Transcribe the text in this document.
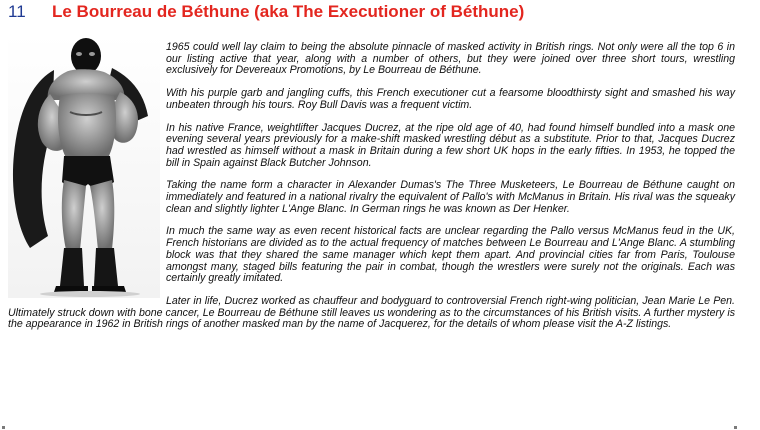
11 Le Bourreau de Béthune (aka The Executioner of Béthune)

1965 could well lay claim to being the absolute pinnacle of masked activity in British rings. Not only were all the top 6 in our listing active that year, along with a number of others, but they were joined over three short tours, wrestling exclusively for Devereaux Promotions, by Le Bourreau de Béthune.

With his purple garb and jangling cuffs, this French executioner cut a fearsome bloodthirsty sight and smashed his way unbeaten through his tours. Roy Bull Davis was a frequent victim.

In his native France, weightlifter Jacques Ducrez, at the ripe old age of 40, had found himself bundled into a mask one evening several years previously for a make-shift masked wrestling début as a substitute. Prior to that, Jacques Ducrez had wrestled as himself without a mask in Britain during a few short UK hops in the early fifties. In 1953, he topped the bill in Spain against Black Butcher Johnson.

Taking the name form a character in Alexander Dumas's The Three Musketeers, Le Bourreau de Béthune caught on immediately and featured in a national rivalry the equivalent of Pallo's with McManus in Britain. His rival was the squeaky clean and slightly lighter L'Ange Blanc. In German rings he was known as Der Henker.

In much the same way as even recent historical facts are unclear regarding the Pallo versus McManus feud in the UK, French historians are divided as to the actual frequency of matches between Le Bourreau and L'Ange Blanc. A stumbling block was that they shared the same manager which kept them apart. And provincial cities far from Paris, Toulouse amongst many, staged bills featuring the pair in combat, though the wrestlers were surely not the originals. Each was certainly greatly imitated.

Later in life, Ducrez worked as chauffeur and bodyguard to controversial French right-wing politician, Jean Marie Le Pen. Ultimately struck down with bone cancer, Le Bourreau de Béthune still leaves us wondering as to the circumstances of his British visits. A further mystery is the appearance in 1962 in British rings of another masked man by the name of Jacquerez, for the details of whom please visit the A-Z listings.
